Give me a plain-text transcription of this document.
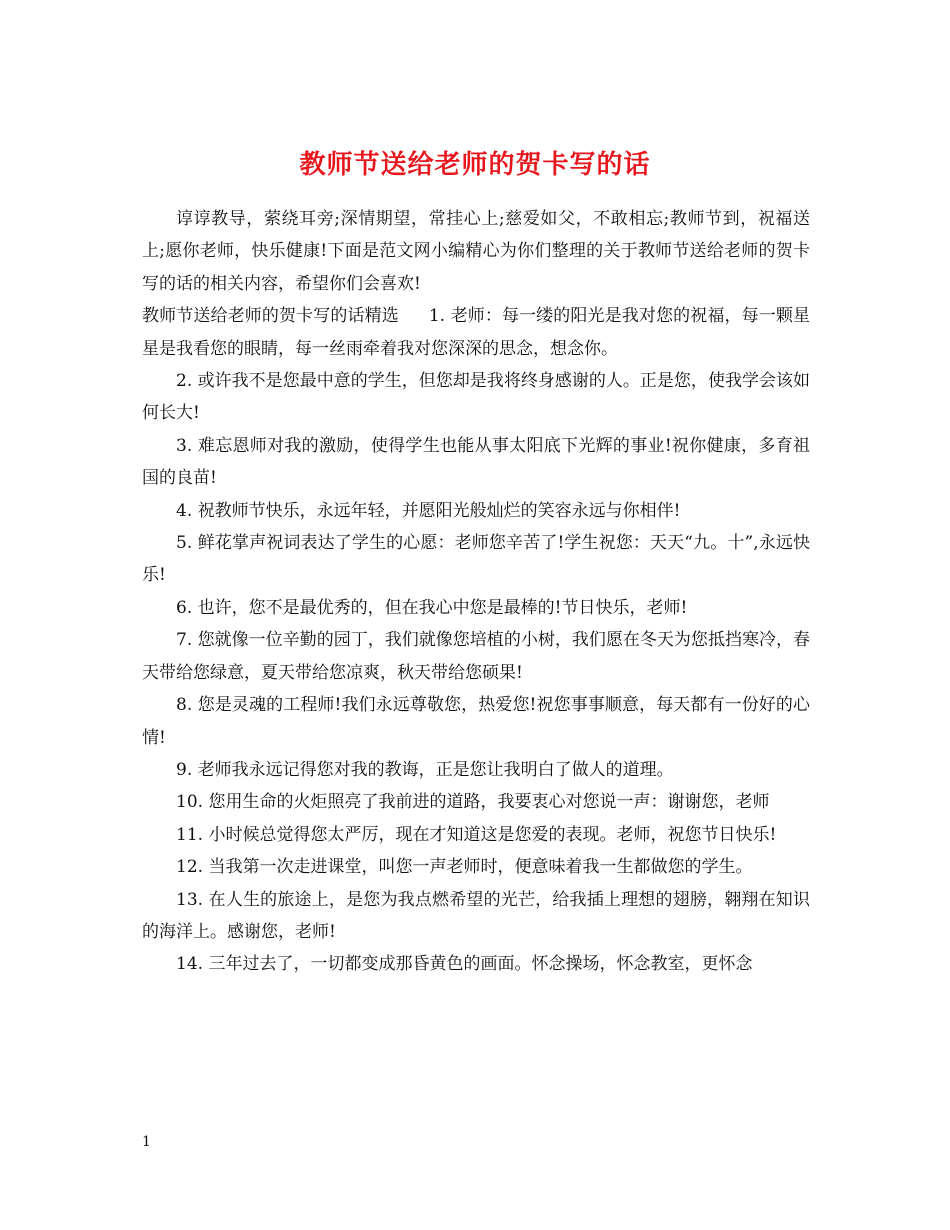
教师节送给老师的贺卡写的话

谆谆教导，萦绕耳旁;深情期望，常挂心上;慈爱如父，不敢相忘;教师节到，祝福送上;愿你老师，快乐健康!下面是范文网小编精心为你们整理的关于教师节送给老师的贺卡写的话的相关内容，希望你们会喜欢!

教师节送给老师的贺卡写的话精选 1. 老师：每一缕的阳光是我对您的祝福，每一颗星星是我看您的眼睛，每一丝雨牵着我对您深深的思念，想念你。

2. 或许我不是您最中意的学生，但您却是我将终身感谢的人。正是您，使我学会该如何长大!

3. 难忘恩师对我的激励，使得学生也能从事太阳底下光辉的事业!祝你健康，多育祖国的良苗!

4. 祝教师节快乐，永远年轻，并愿阳光般灿烂的笑容永远与你相伴!

5. 鲜花掌声祝词表达了学生的心愿：老师您辛苦了!学生祝您：天天“九。十”,永远快乐!

6. 也许，您不是最优秀的，但在我心中您是最棒的!节日快乐，老师!

7. 您就像一位辛勤的园丁，我们就像您培植的小树，我们愿在冬天为您抵挡寒冷，春天带给您绿意，夏天带给您凉爽，秋天带给您硕果!

8. 您是灵魂的工程师!我们永远尊敬您，热爱您!祝您事事顺意，每天都有一份好的心情!

9. 老师我永远记得您对我的教诲，正是您让我明白了做人的道理。

10. 您用生命的火炬照亮了我前进的道路，我要衷心对您说一声：谢谢您，老师

11. 小时候总觉得您太严厉，现在才知道这是您爱的表现。老师，祝您节日快乐!

12. 当我第一次走进课堂，叫您一声老师时，便意味着我一生都做您的学生。

13. 在人生的旅途上，是您为我点燃希望的光芒，给我插上理想的翅膀，翱翔在知识的海洋上。感谢您，老师!

14. 三年过去了，一切都变成那昏黄色的画面。怀念操场，怀念教室，更怀念

1
